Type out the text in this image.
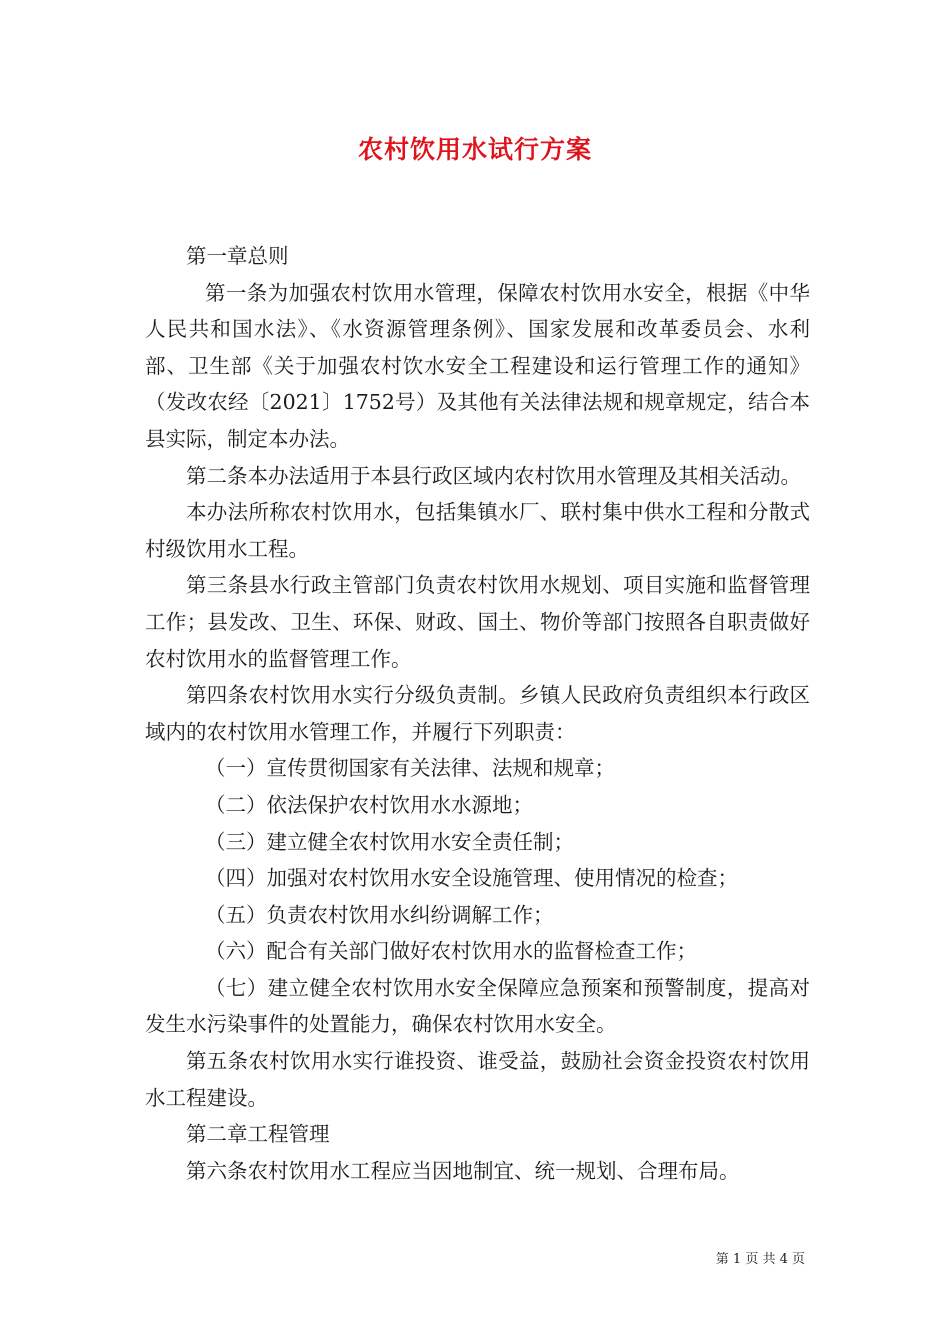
农村饮用水试行方案

第一章总则

第一条为加强农村饮用水管理，保障农村饮用水安全，根据《中华人民共和国水法》、《水资源管理条例》、国家发展和改革委员会、水利部、卫生部《关于加强农村饮水安全工程建设和运行管理工作的通知》（发改农经〔2021〕1752号）及其他有关法律法规和规章规定，结合本县实际，制定本办法。

第二条本办法适用于本县行政区域内农村饮用水管理及其相关活动。

本办法所称农村饮用水，包括集镇水厂、联村集中供水工程和分散式村级饮用水工程。

第三条县水行政主管部门负责农村饮用水规划、项目实施和监督管理工作；县发改、卫生、环保、财政、国土、物价等部门按照各自职责做好农村饮用水的监督管理工作。

第四条农村饮用水实行分级负责制。乡镇人民政府负责组织本行政区域内的农村饮用水管理工作，并履行下列职责：

（一）宣传贯彻国家有关法律、法规和规章；

（二）依法保护农村饮用水水源地；

（三）建立健全农村饮用水安全责任制；

（四）加强对农村饮用水安全设施管理、使用情况的检查；

（五）负责农村饮用水纠纷调解工作；

（六）配合有关部门做好农村饮用水的监督检查工作；

（七）建立健全农村饮用水安全保障应急预案和预警制度，提高对发生水污染事件的处置能力，确保农村饮用水安全。

第五条农村饮用水实行谁投资、谁受益，鼓励社会资金投资农村饮用水工程建设。

第二章工程管理

第六条农村饮用水工程应当因地制宜、统一规划、合理布局。

第 1 页 共 4 页
